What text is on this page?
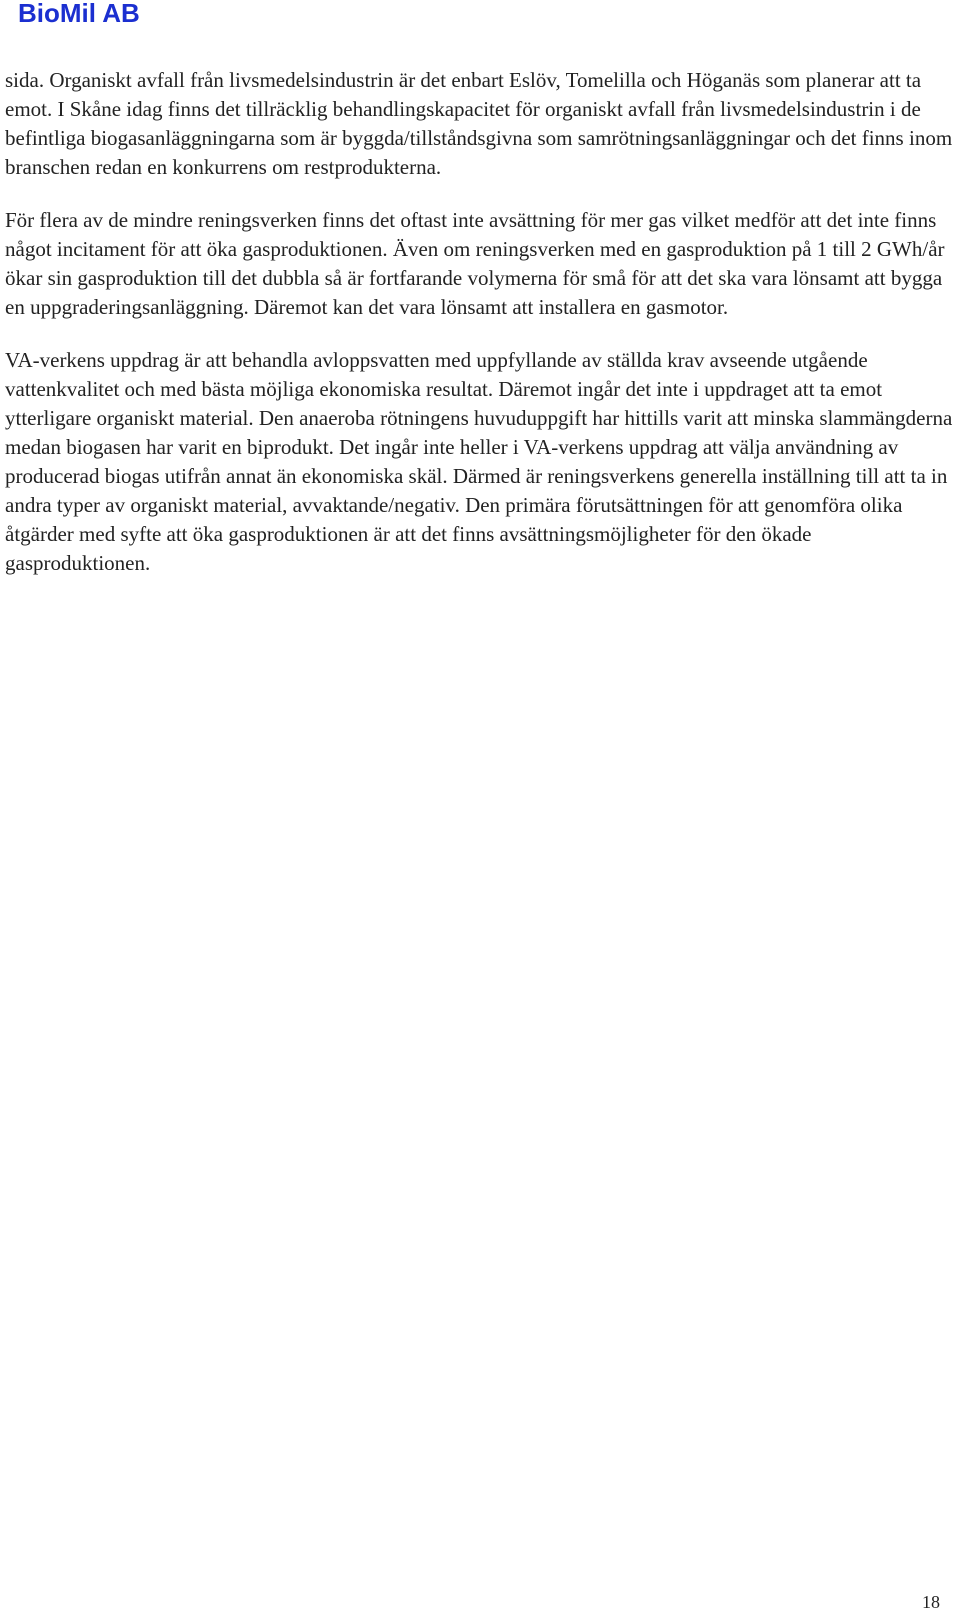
BioMil AB

sida. Organiskt avfall från livsmedelsindustrin är det enbart Eslöv, Tomelilla och Höganäs som planerar att ta emot. I Skåne idag finns det tillräcklig behandlingskapacitet för organiskt avfall från livsmedelsindustrin i de befintliga biogasanläggningarna som är byggda/tillståndsgivna som samrötningsanläggningar och det finns inom branschen redan en konkurrens om restprodukterna.

För flera av de mindre reningsverken finns det oftast inte avsättning för mer gas vilket medför att det inte finns något incitament för att öka gasproduktionen. Även om reningsverken med en gasproduktion på 1 till 2 GWh/år ökar sin gasproduktion till det dubbla så är fortfarande volymerna för små för att det ska vara lönsamt att bygga en uppgraderingsanläggning. Däremot kan det vara lönsamt att installera en gasmotor.

VA-verkens uppdrag är att behandla avloppsvatten med uppfyllande av ställda krav avseende utgående vattenkvalitet och med bästa möjliga ekonomiska resultat. Däremot ingår det inte i uppdraget att ta emot ytterligare organiskt material. Den anaeroba rötningens huvuduppgift har hittills varit att minska slammängderna medan biogasen har varit en biprodukt. Det ingår inte heller i VA-verkens uppdrag att välja användning av producerad biogas utifrån annat än ekonomiska skäl. Därmed är reningsverkens generella inställning till att ta in andra typer av organiskt material, avvaktande/negativ. Den primära förutsättningen för att genomföra olika åtgärder med syfte att öka gasproduktionen är att det finns avsättningsmöjligheter för den ökade gasproduktionen.

18
